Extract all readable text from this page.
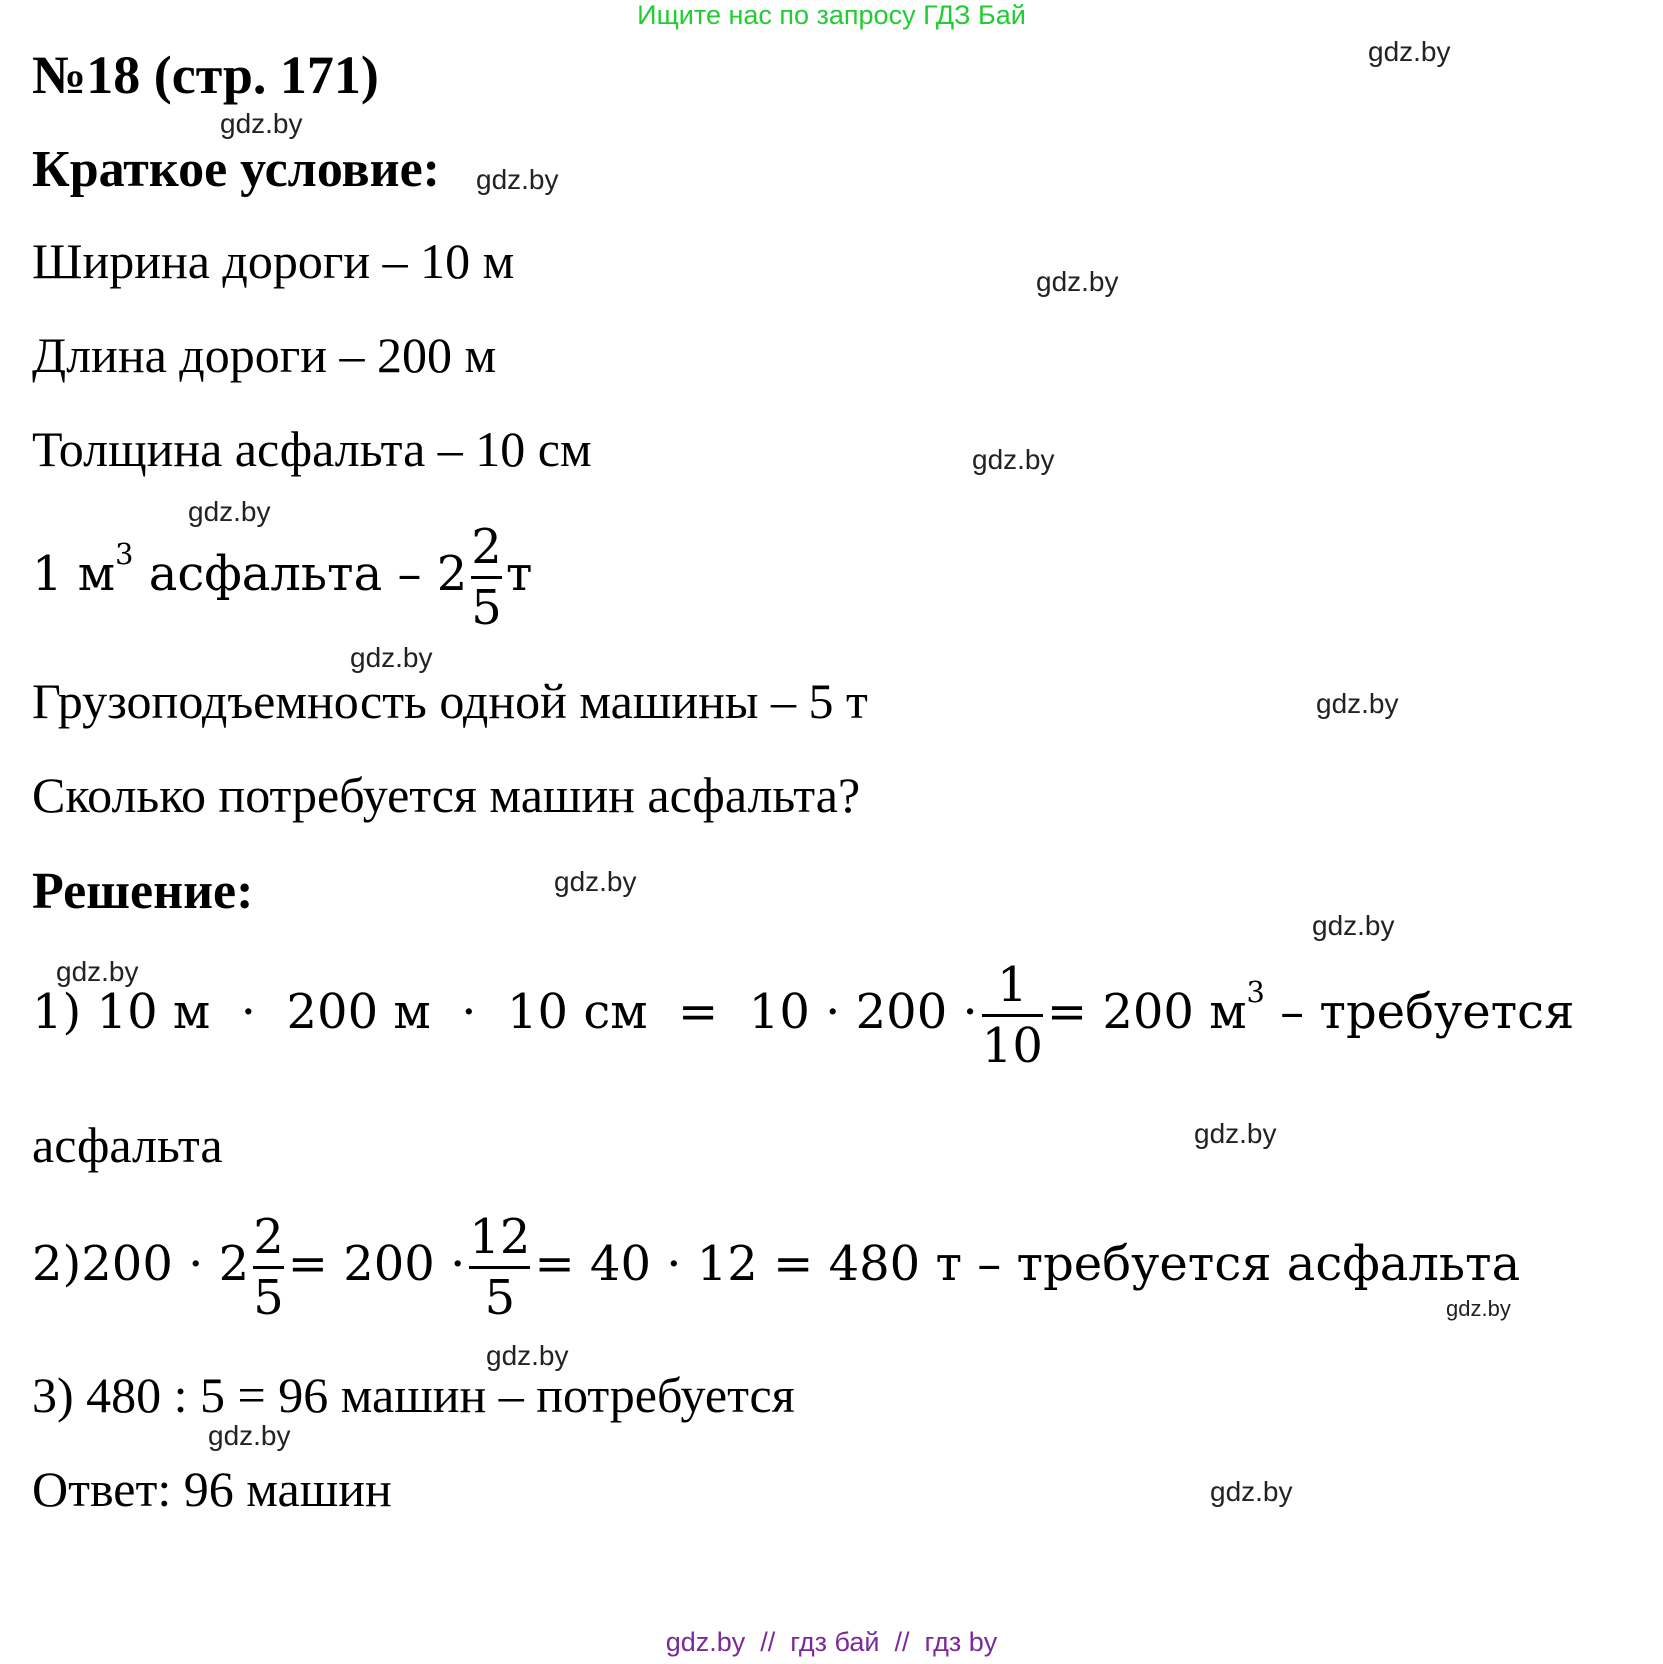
Ищите нас по запросу ГДЗ Бай
№18 (стр. 171)
Краткое условие:
Ширина дороги – 10 м
Длина дороги – 200 м
Толщина асфальта – 10 см
1 $м^3$ асфальта – $2 \frac{2}{5}$ т
Грузоподъемность одной машины – 5 т
Сколько потребуется машин асфальта?
Решение:
1) 10 м  ·  200 м  ·  10 см  =  $10 \cdot 200 \cdot \frac{1}{10} = 200$ $м^3$ – требуется
асфальта
$2)200 \cdot 2 \frac{2}{5} = 200 \cdot \frac{12}{5} = 40 \cdot 12 = 480$ т – требуется асфальта
3) 480 : 5 = 96 машин – потребуется
Ответ: 96 машин
gdz.by
gdz.by
gdz.by
gdz.by
gdz.by
gdz.by
gdz.by
gdz.by
gdz.by
gdz.by
gdz.by
gdz.by
gdz.by
gdz.by
gdz.by
gdz.by
gdz.by  //  гдз бай  //  гдз by
